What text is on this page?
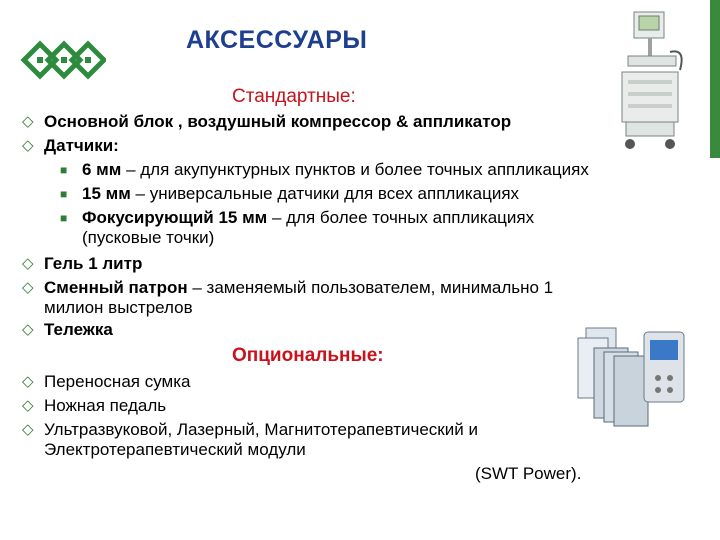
АКСЕССУАРЫ
Стандартные:
◇ Основной блок , воздушный компрессор & аппликатор
◇ Датчики:
■ 6 мм – для акупунктурных пунктов и более точных аппликациях
■ 15 мм – универсальные датчики для всех аппликациях
■ Фокусирующий 15 мм – для более точных аппликациях
(пусковые точки)
◇ Гель 1 литр
◇ Сменный патрон – заменяемый пользователем, минимально 1
милион выстрелов
◇ Тележка
Опциональные:
◇ Переносная сумка
◇ Ножная педаль
◇ Ультразвуковой, Лазерный, Магнитотерапевтический и
Электротерапевтический модули
(SWT Power).
